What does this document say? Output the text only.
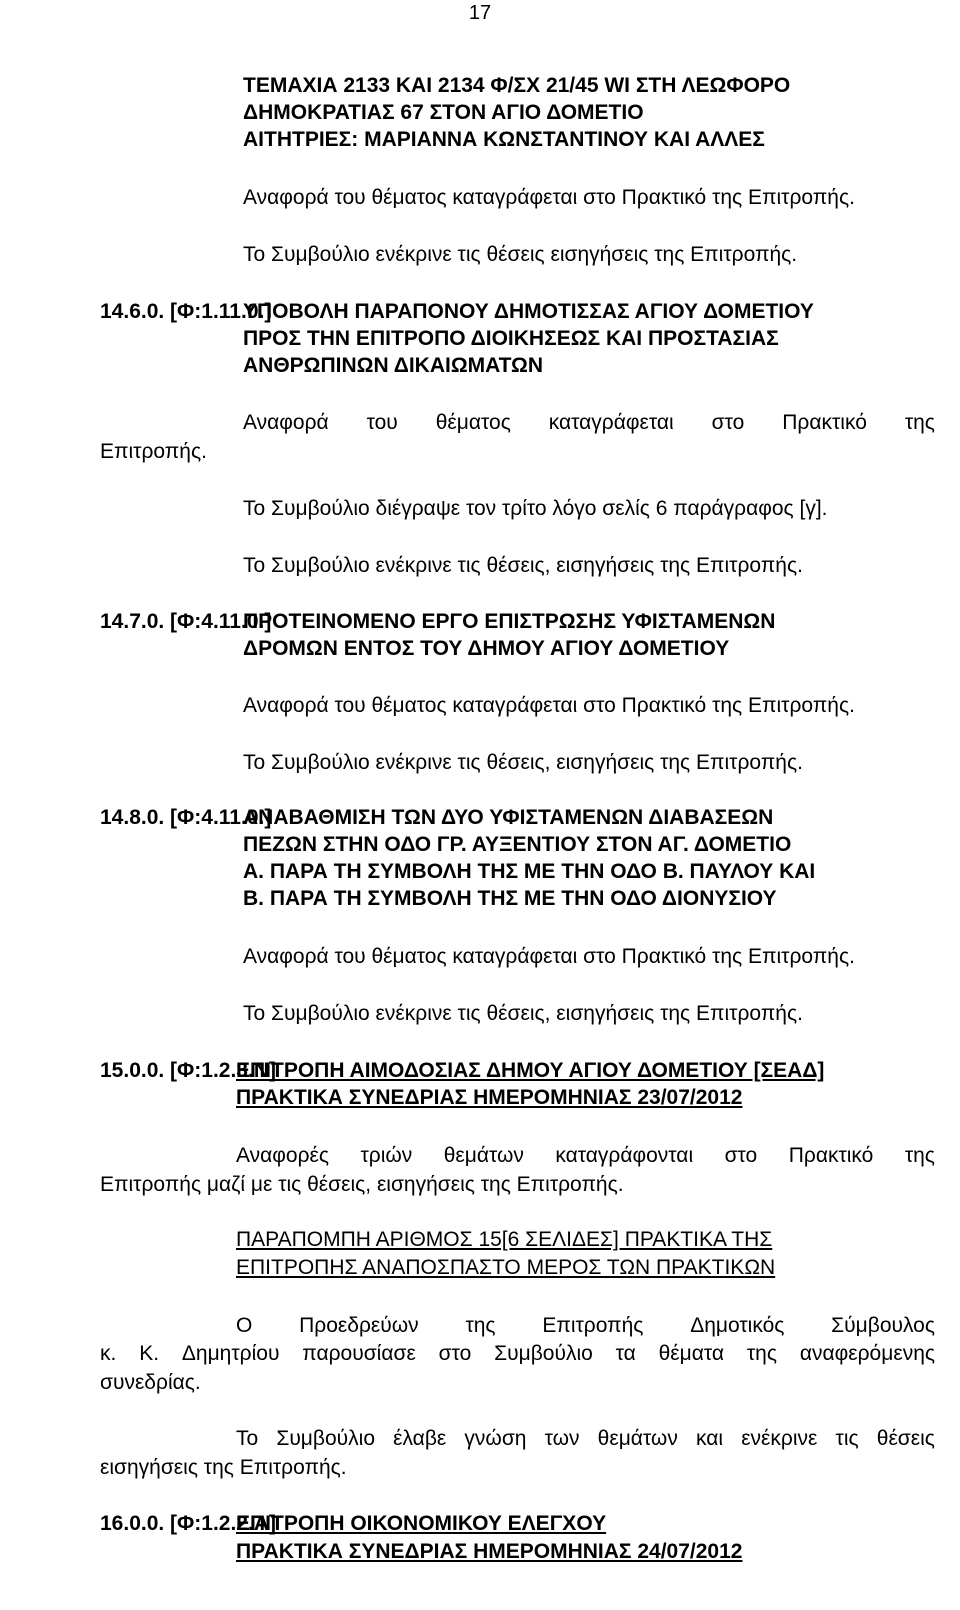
17
ΤΕΜΑΧΙΑ 2133 ΚΑΙ 2134 Φ/ΣΧ 21/45 WI ΣΤΗ ΛΕΩΦΟΡΟ
ΔΗΜΟΚΡΑΤΙΑΣ 67 ΣΤΟΝ ΑΓΙΟ ΔΟΜΕΤΙΟ
ΑΙΤΗΤΡΙΕΣ: ΜΑΡΙΑΝΝΑ ΚΩΝΣΤΑΝΤΙΝΟΥ ΚΑΙ ΑΛΛΕΣ
Αναφορά του θέματος καταγράφεται στο Πρακτικό της Επιτροπής.
Το Συμβούλιο ενέκρινε τις θέσεις εισηγήσεις της Επιτροπής.
14.6.0. [Φ:1.11.0.]
ΥΠΟΒΟΛΗ ΠΑΡΑΠΟΝΟΥ ΔΗΜΟΤΙΣΣΑΣ ΑΓΙΟΥ ΔΟΜΕΤΙΟΥ
ΠΡΟΣ ΤΗΝ ΕΠΙΤΡΟΠΟ ΔΙΟΙΚΗΣΕΩΣ ΚΑΙ ΠΡΟΣΤΑΣΙΑΣ
ΑΝΘΡΩΠΙΝΩΝ ΔΙΚΑΙΩΜΑΤΩΝ
Αναφορά του θέματος καταγράφεται στο Πρακτικό της
Επιτροπής.
Το Συμβούλιο διέγραψε τον τρίτο λόγο σελίς 6 παράγραφος [γ].
Το Συμβούλιο ενέκρινε τις θέσεις, εισηγήσεις της Επιτροπής.
14.7.0. [Φ:4.11.0.]
ΠΡΟΤΕΙΝΟΜΕΝΟ ΕΡΓΟ ΕΠΙΣΤΡΩΣΗΣ ΥΦΙΣΤΑΜΕΝΩΝ
ΔΡΟΜΩΝ ΕΝΤΟΣ ΤΟΥ ΔΗΜΟΥ ΑΓΙΟΥ ΔΟΜΕΤΙΟΥ
Αναφορά του θέματος καταγράφεται στο Πρακτικό της Επιτροπής.
Το Συμβούλιο ενέκρινε τις θέσεις, εισηγήσεις της Επιτροπής.
14.8.0. [Φ:4.11.0.]
ΑΝΑΒΑΘΜΙΣΗ ΤΩΝ ΔΥΟ ΥΦΙΣΤΑΜΕΝΩΝ ΔΙΑΒΑΣΕΩΝ
ΠΕΖΩΝ ΣΤΗΝ ΟΔΟ ΓΡ. ΑΥΞΕΝΤΙΟΥ ΣΤΟΝ ΑΓ. ΔΟΜΕΤΙΟ
Α. ΠΑΡΑ ΤΗ ΣΥΜΒΟΛΗ ΤΗΣ ΜΕ ΤΗΝ ΟΔΟ Β. ΠΑΥΛΟΥ ΚΑΙ
Β. ΠΑΡΑ ΤΗ ΣΥΜΒΟΛΗ ΤΗΣ ΜΕ ΤΗΝ ΟΔΟ ΔΙΟΝΥΣΙΟΥ
Αναφορά του θέματος καταγράφεται στο Πρακτικό της Επιτροπής.
Το Συμβούλιο ενέκρινε τις θέσεις, εισηγήσεις της Επιτροπής.
15.0.0. [Φ:1.2.3.Ν]
ΕΠΙΤΡΟΠΗ ΑΙΜΟΔΟΣΙΑΣ ΔΗΜΟΥ ΑΓΙΟΥ ΔΟΜΕΤΙΟΥ [ΣΕΑΔ]
ΠΡΑΚΤΙΚΑ ΣΥΝΕΔΡΙΑΣ ΗΜΕΡΟΜΗΝΙΑΣ 23/07/2012
Αναφορές τριών θεμάτων καταγράφονται στο Πρακτικό της
Επιτροπής μαζί με τις θέσεις, εισηγήσεις της Επιτροπής.
ΠΑΡΑΠΟΜΠΗ ΑΡΙΘΜΟΣ 15[6 ΣΕΛΙΔΕΣ] ΠΡΑΚΤΙΚΑ ΤΗΣ
ΕΠΙΤΡΟΠΗΣ ΑΝΑΠΟΣΠΑΣΤΟ ΜΕΡΟΣ ΤΩΝ ΠΡΑΚΤΙΚΩΝ
Ο Προεδρεύων της Επιτροπής Δημοτικός Σύμβουλος
κ. Κ. Δημητρίου παρουσίασε στο Συμβούλιο τα θέματα της αναφερόμενης
συνεδρίας.
Το Συμβούλιο έλαβε γνώση των θεμάτων και ενέκρινε τις θέσεις
εισηγήσεις της Επιτροπής.
16.0.0. [Φ:1.2.2.Α]
ΕΠΙΤΡΟΠΗ ΟΙΚΟΝΟΜΙΚΟΥ ΕΛΕΓΧΟΥ
ΠΡΑΚΤΙΚΑ ΣΥΝΕΔΡΙΑΣ ΗΜΕΡΟΜΗΝΙΑΣ 24/07/2012
